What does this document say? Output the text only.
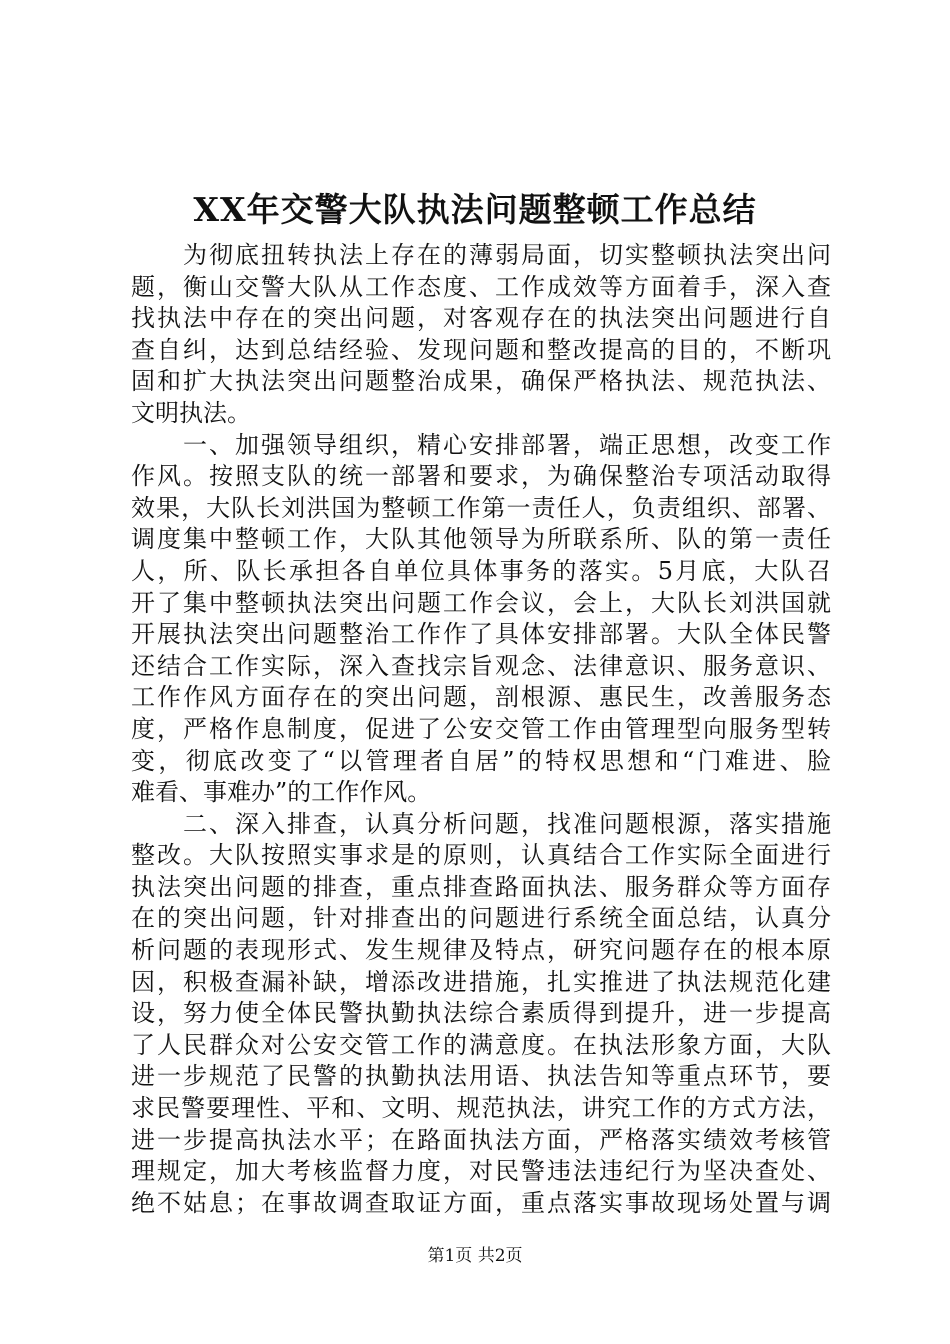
XX年交警大队执法问题整顿工作总结
　　为彻底扭转执法上存在的薄弱局面，切实整顿执法突出问
题，衡山交警大队从工作态度、工作成效等方面着手，深入查
找执法中存在的突出问题，对客观存在的执法突出问题进行自
查自纠，达到总结经验、发现问题和整改提高的目的，不断巩
固和扩大执法突出问题整治成果，确保严格执法、规范执法、
文明执法。
　　一、加强领导组织，精心安排部署，端正思想，改变工作
作风。按照支队的统一部署和要求，为确保整治专项活动取得
效果，大队长刘洪国为整顿工作第一责任人，负责组织、部署、
调度集中整顿工作，大队其他领导为所联系所、队的第一责任
人，所、队长承担各自单位具体事务的落实。5月底，大队召
开了集中整顿执法突出问题工作会议，会上，大队长刘洪国就
开展执法突出问题整治工作作了具体安排部署。大队全体民警
还结合工作实际，深入查找宗旨观念、法律意识、服务意识、
工作作风方面存在的突出问题，剖根源、惠民生，改善服务态
度，严格作息制度，促进了公安交管工作由管理型向服务型转
变，彻底改变了“以管理者自居”的特权思想和“门难进、脸
难看、事难办”的工作作风。
　　二、深入排查，认真分析问题，找准问题根源，落实措施
整改。大队按照实事求是的原则，认真结合工作实际全面进行
执法突出问题的排查，重点排查路面执法、服务群众等方面存
在的突出问题，针对排查出的问题进行系统全面总结，认真分
析问题的表现形式、发生规律及特点，研究问题存在的根本原
因，积极查漏补缺，增添改进措施，扎实推进了执法规范化建
设，努力使全体民警执勤执法综合素质得到提升，进一步提高
了人民群众对公安交管工作的满意度。在执法形象方面，大队
进一步规范了民警的执勤执法用语、执法告知等重点环节，要
求民警要理性、平和、文明、规范执法，讲究工作的方式方法，
进一步提高执法水平；在路面执法方面，严格落实绩效考核管
理规定，加大考核监督力度，对民警违法违纪行为坚决查处、
绝不姑息；在事故调查取证方面，重点落实事故现场处置与调
第1页 共2页
